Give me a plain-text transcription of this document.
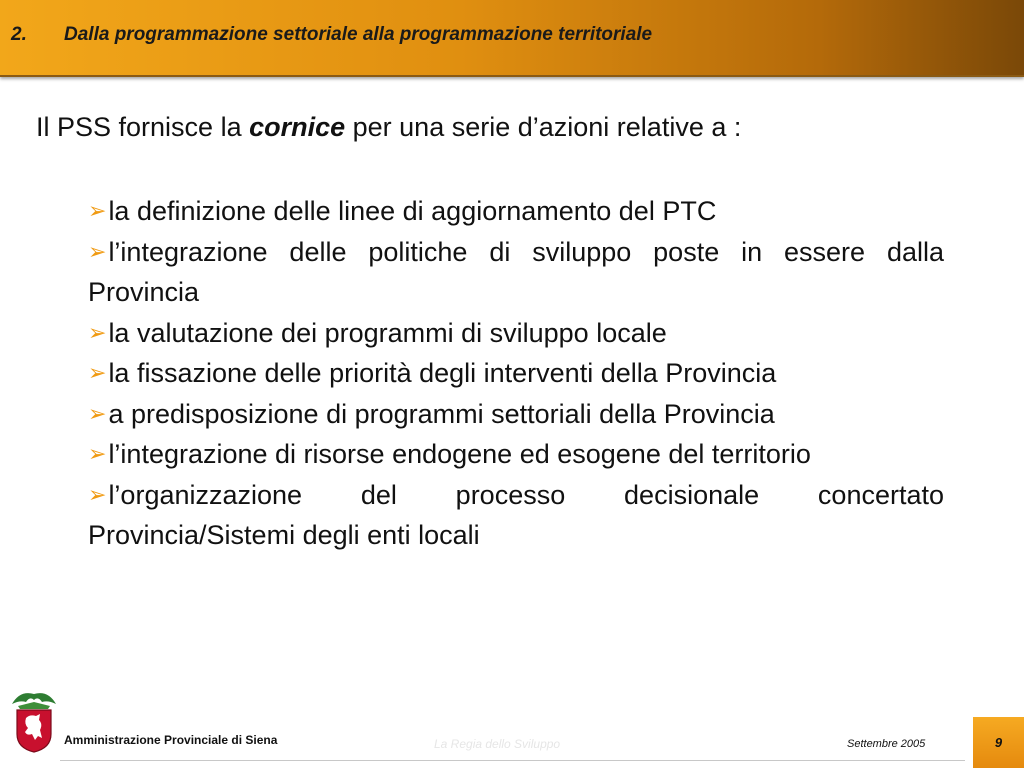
2. Dalla programmazione settoriale alla programmazione territoriale
Il PSS fornisce la cornice per una serie d’azioni relative a :
➢la definizione delle linee di aggiornamento del PTC
➢l’integrazione delle politiche di sviluppo poste in essere dalla Provincia
➢la valutazione dei programmi di sviluppo locale
➢la fissazione delle priorità degli interventi della Provincia
➢a predisposizione di programmi settoriali della Provincia
➢l’integrazione di risorse endogene ed esogene del territorio
➢l’organizzazione del processo decisionale concertato Provincia/Sistemi degli enti locali
Amministrazione Provinciale di Siena	La Regia dello Sviluppo	Settembre 2005	9
